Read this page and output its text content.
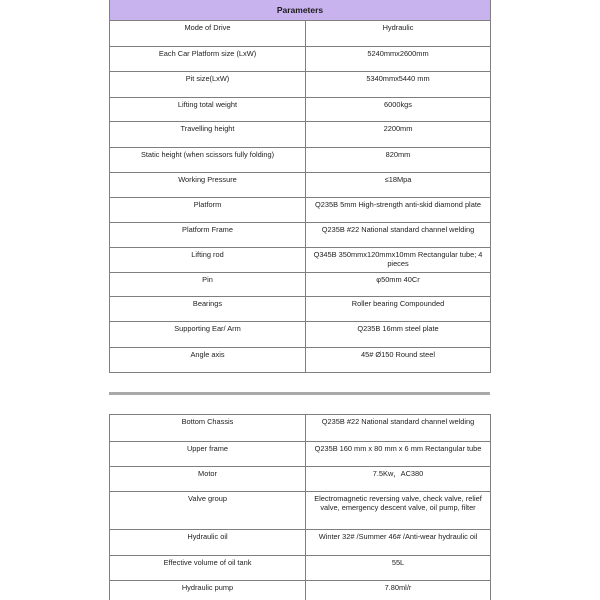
Parameters	
Mode of Drive	Hydraulic
Each Car Platform size (LxW)	5240mmx2600mm
Pit size(LxW)	5340mmx5440 mm
Lifting total weight	6000kgs
Travelling height	2200mm
Static height (when scissors fully folding)	820mm
Working Pressure	≤18Mpa
Platform	Q235B 5mm High-strength anti-skid diamond plate
Platform Frame	Q235B #22 National standard channel welding
Lifting rod	Q345B 350mmx120mmx10mm Rectangular tube; 4 pieces
Pin	φ50mm 40Cr
Bearings	Roller bearing Compounded
Supporting Ear/ Arm	Q235B 16mm steel plate
Angle axis	45# Ø150 Round steel
Bottom Chassis	Q235B #22 National standard channel welding
Upper frame	Q235B 160 mm x 80 mm x 6 mm Rectangular tube
Motor	7.5Kw，AC380
Valve group	Electromagnetic reversing valve, check valve, relief valve, emergency descent valve, oil pump, filter
Hydraulic oil	Winter 32# /Summer 46# /Anti-wear hydraulic oil
Effective volume of oil tank	55L
Hydraulic pump	7.80ml/r
